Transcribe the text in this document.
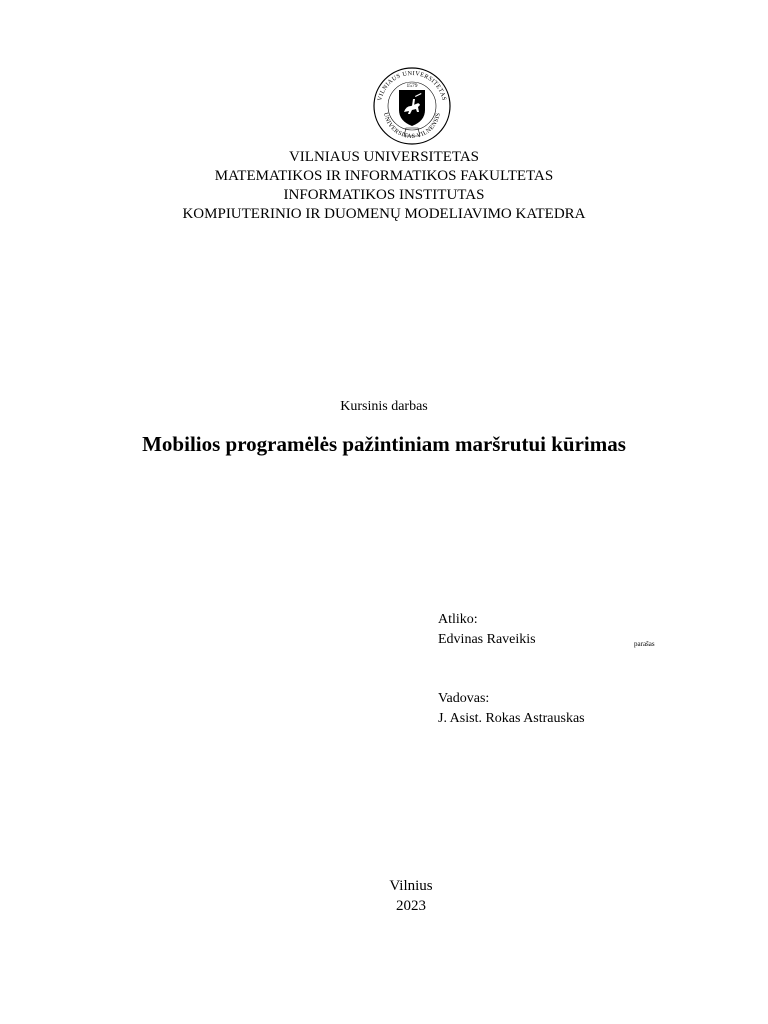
VILNIAUS UNIVERSITETAS
UNIVERSITAS VILNENSIS
1579
VILNIAUS UNIVERSITETAS
MATEMATIKOS IR INFORMATIKOS FAKULTETAS
INFORMATIKOS INSTITUTAS
KOMPIUTERINIO IR DUOMENŲ MODELIAVIMO KATEDRA
Kursinis darbas
Mobilios programėlės pažintiniam maršrutui kūrimas
Atliko:
Edvinas Raveikis	parašas
Vadovas:
J. Asist. Rokas Astrauskas
Vilnius
2023
